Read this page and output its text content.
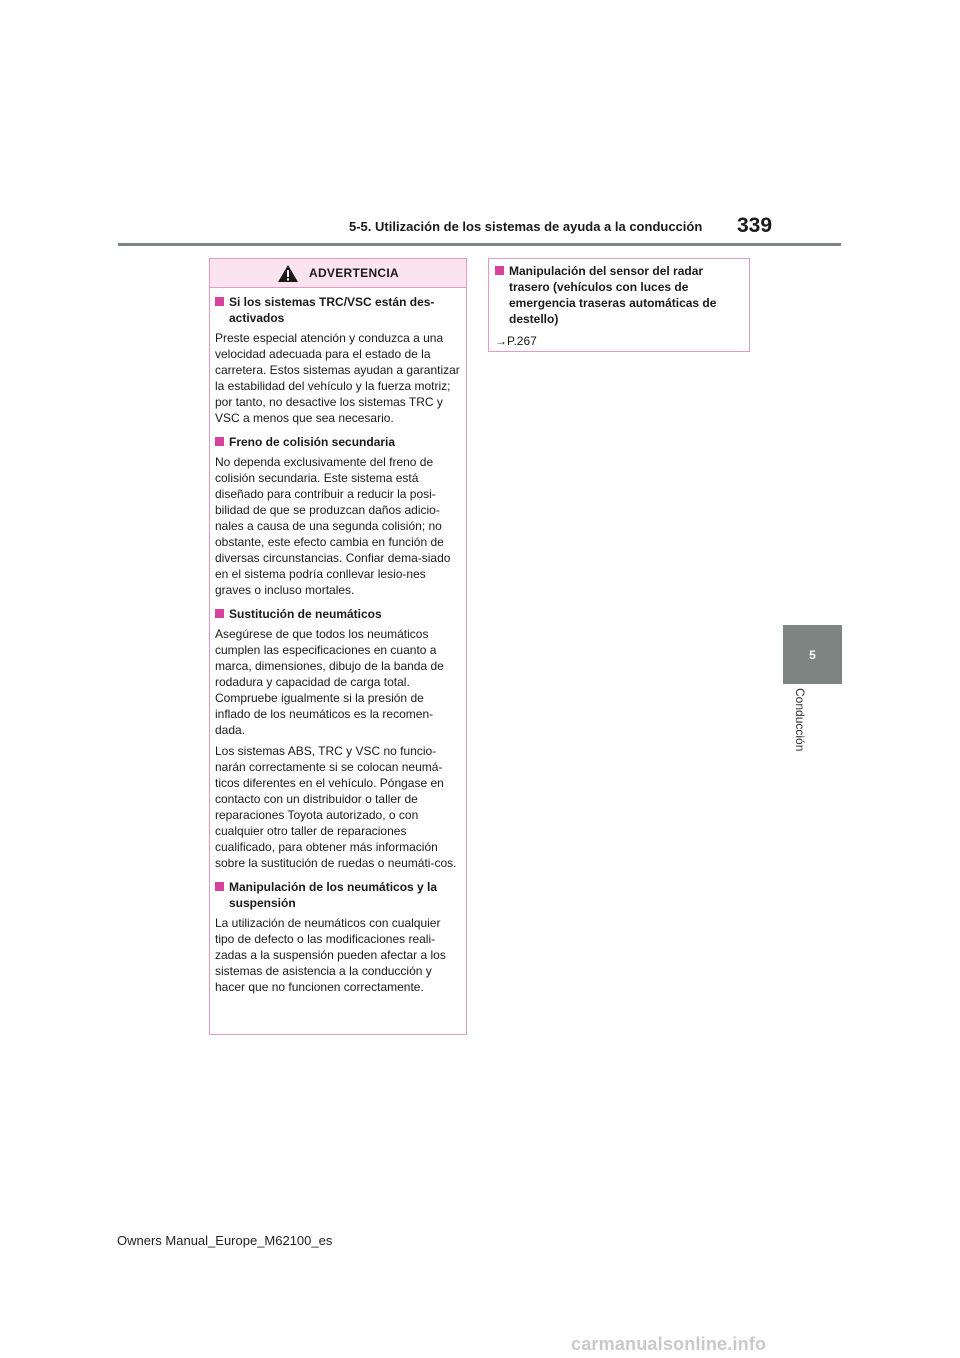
5-5. Utilización de los sistemas de ayuda a la conducción 339
5
Conducción
ADVERTENCIA
Si los sistemas TRC/VSC están des-activados

Preste especial atención y conduzca a una velocidad adecuada para el estado de la carretera. Estos sistemas ayudan a garantizar la estabilidad del vehículo y la fuerza motriz; por tanto, no desactive los sistemas TRC y VSC a menos que sea necesario.

Freno de colisión secundaria

No dependa exclusivamente del freno de colisión secundaria. Este sistema está diseñado para contribuir a reducir la posi-bilidad de que se produzcan daños adicio-nales a causa de una segunda colisión; no obstante, este efecto cambia en función de diversas circunstancias. Confiar dema-siado en el sistema podría conllevar lesio-nes graves o incluso mortales.

Sustitución de neumáticos

Asegúrese de que todos los neumáticos cumplen las especificaciones en cuanto a marca, dimensiones, dibujo de la banda de rodadura y capacidad de carga total. Compruebe igualmente si la presión de inflado de los neumáticos es la recomen-dada.

Los sistemas ABS, TRC y VSC no funcio-narán correctamente si se colocan neumá-ticos diferentes en el vehículo. Póngase en contacto con un distribuidor o taller de reparaciones Toyota autorizado, o con cualquier otro taller de reparaciones cualificado, para obtener más información sobre la sustitución de ruedas o neumáti-cos.

Manipulación de los neumáticos y la suspensión

La utilización de neumáticos con cualquier tipo de defecto o las modificaciones reali-zadas a la suspensión pueden afectar a los sistemas de asistencia a la conducción y hacer que no funcionen correctamente.

Manipulación del sensor del radar trasero (vehículos con luces de emergencia traseras automáticas de destello)
→P.267
Owners Manual_Europe_M62100_es
carmanualsonline.info
